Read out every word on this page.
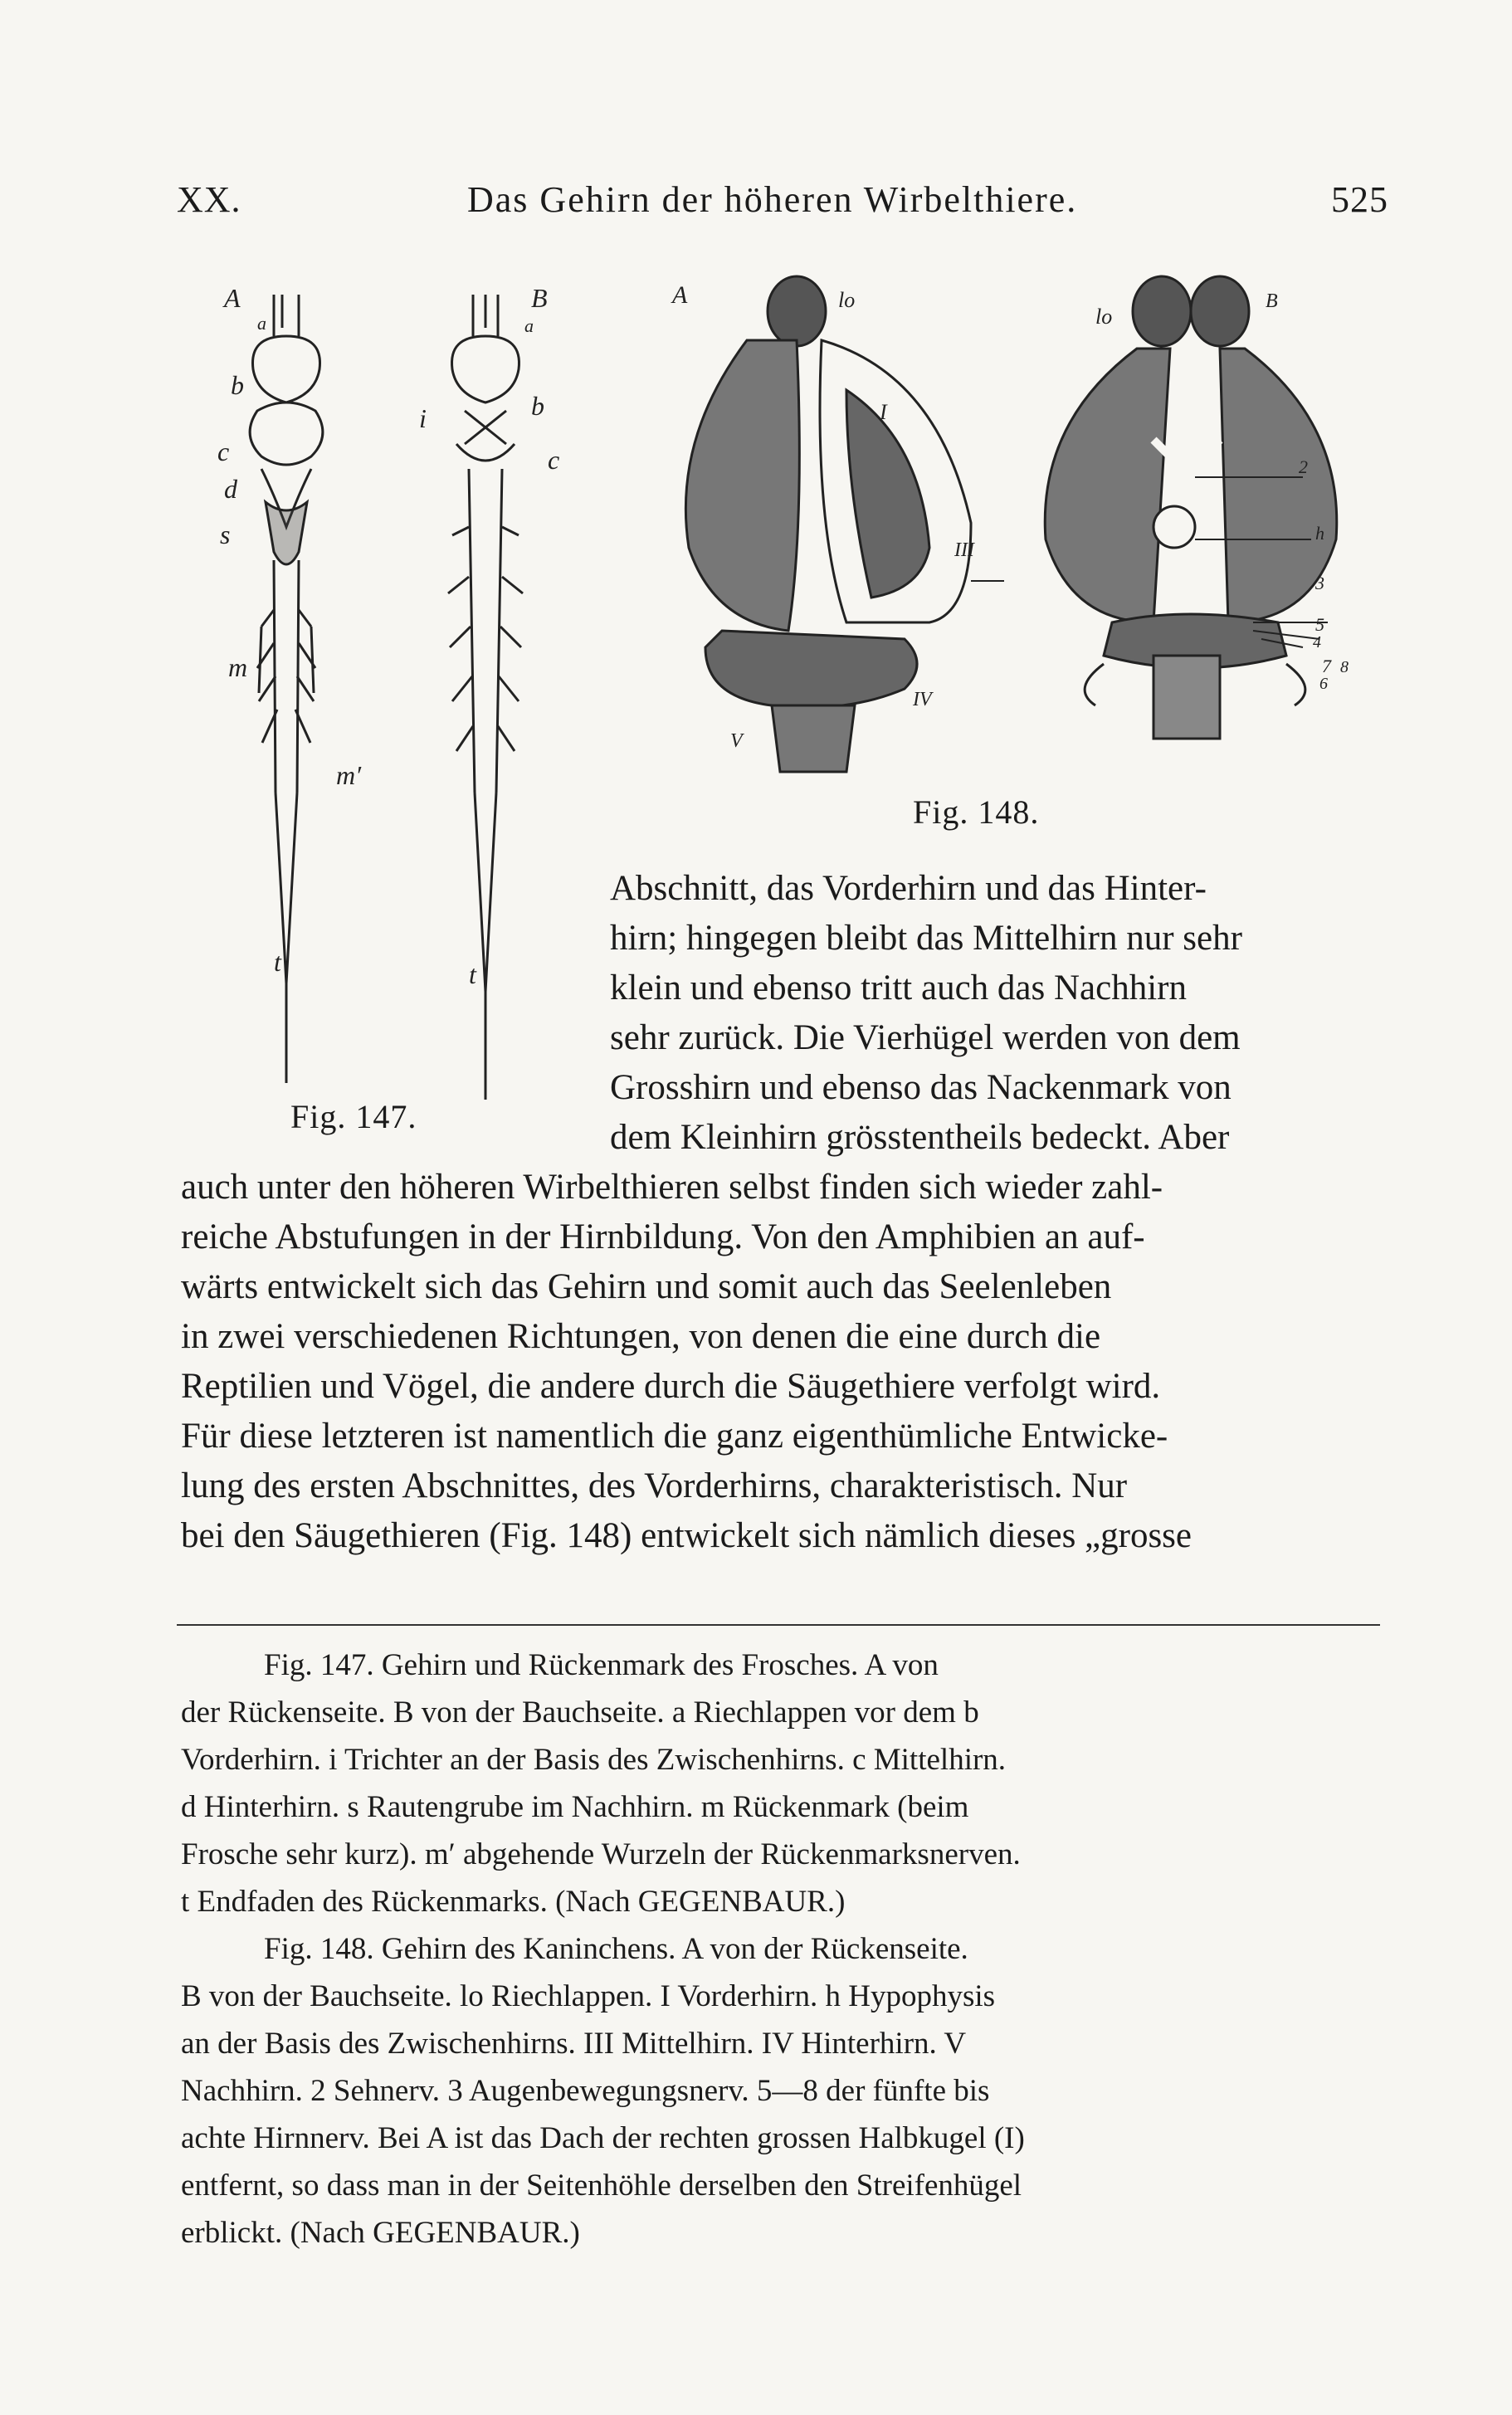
XX.	Das Gehirn der höheren Wirbelthiere.	525
A
a
b
c
d
s
m
m′
t
B
a
b
i
c
t
A	lo
I
III
IV
V
lo
B
2
h
3
5
4
7 8
6
Fig. 148.
Fig. 147.
Abschnitt, das Vorderhirn und das Hinter-
hirn; hingegen bleibt das Mittelhirn nur sehr
klein und ebenso tritt auch das Nachhirn
sehr zurück. Die Vierhügel werden von dem
Grosshirn und ebenso das Nackenmark von
dem Kleinhirn grösstentheils bedeckt. Aber
auch unter den höheren Wirbelthieren selbst finden sich wieder zahl-
reiche Abstufungen in der Hirnbildung. Von den Amphibien an auf-
wärts entwickelt sich das Gehirn und somit auch das Seelenleben
in zwei verschiedenen Richtungen, von denen die eine durch die
Reptilien und Vögel, die andere durch die Säugethiere verfolgt wird.
Für diese letzteren ist namentlich die ganz eigenthümliche Entwicke-
lung des ersten Abschnittes, des Vorderhirns, charakteristisch. Nur
bei den Säugethieren (Fig. 148) entwickelt sich nämlich dieses „grosse
Fig. 147. Gehirn und Rückenmark des Frosches. A von
der Rückenseite. B von der Bauchseite. a Riechlappen vor dem b
Vorderhirn. i Trichter an der Basis des Zwischenhirns. c Mittelhirn.
d Hinterhirn. s Rautengrube im Nachhirn. m Rückenmark (beim
Frosche sehr kurz). m′ abgehende Wurzeln der Rückenmarksnerven.
t Endfaden des Rückenmarks. (Nach GEGENBAUR.)
Fig. 148. Gehirn des Kaninchens. A von der Rückenseite.
B von der Bauchseite. lo Riechlappen. I Vorderhirn. h Hypophysis
an der Basis des Zwischenhirns. III Mittelhirn. IV Hinterhirn. V
Nachhirn. 2 Sehnerv. 3 Augenbewegungsnerv. 5—8 der fünfte bis
achte Hirnnerv. Bei A ist das Dach der rechten grossen Halbkugel (I)
entfernt, so dass man in der Seitenhöhle derselben den Streifenhügel
erblickt. (Nach GEGENBAUR.)
